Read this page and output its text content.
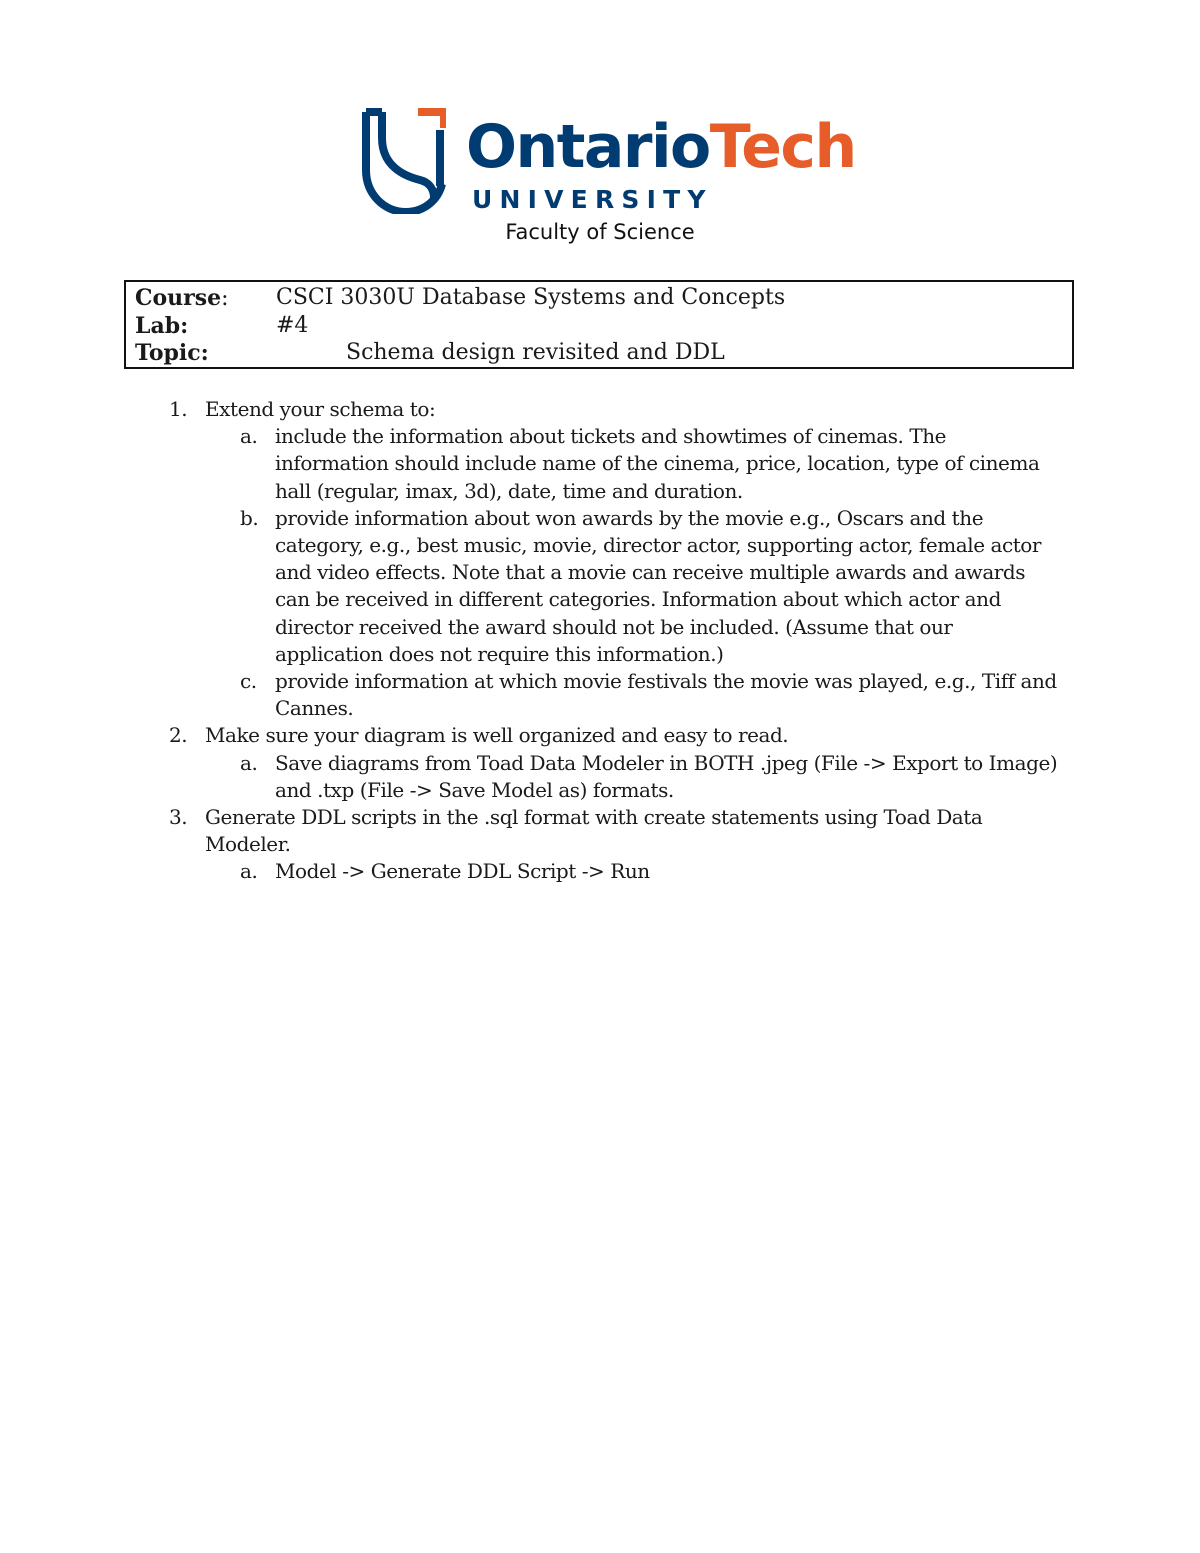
OntarioTech
UNIVERSITY
Faculty of Science
Course: CSCI 3030U Database Systems and Concepts
Lab:	#4
Topic:	Schema design revisited and DDL
1. Extend your schema to:
a. include the information about tickets and showtimes of cinemas. The information should include name of the cinema, price, location, type of cinema hall (regular, imax, 3d), date, time and duration.
b. provide information about won awards by the movie e.g., Oscars and the category, e.g., best music, movie, director actor, supporting actor, female actor and video effects. Note that a movie can receive multiple awards and awards can be received in different categories. Information about which actor and director received the award should not be included. (Assume that our application does not require this information.)
c. provide information at which movie festivals the movie was played, e.g., Tiff and Cannes.
2. Make sure your diagram is well organized and easy to read.
a. Save diagrams from Toad Data Modeler in BOTH .jpeg (File -> Export to Image) and .txp (File -> Save Model as) formats.
3. Generate DDL scripts in the .sql format with create statements using Toad Data Modeler.
a. Model -> Generate DDL Script -> Run
